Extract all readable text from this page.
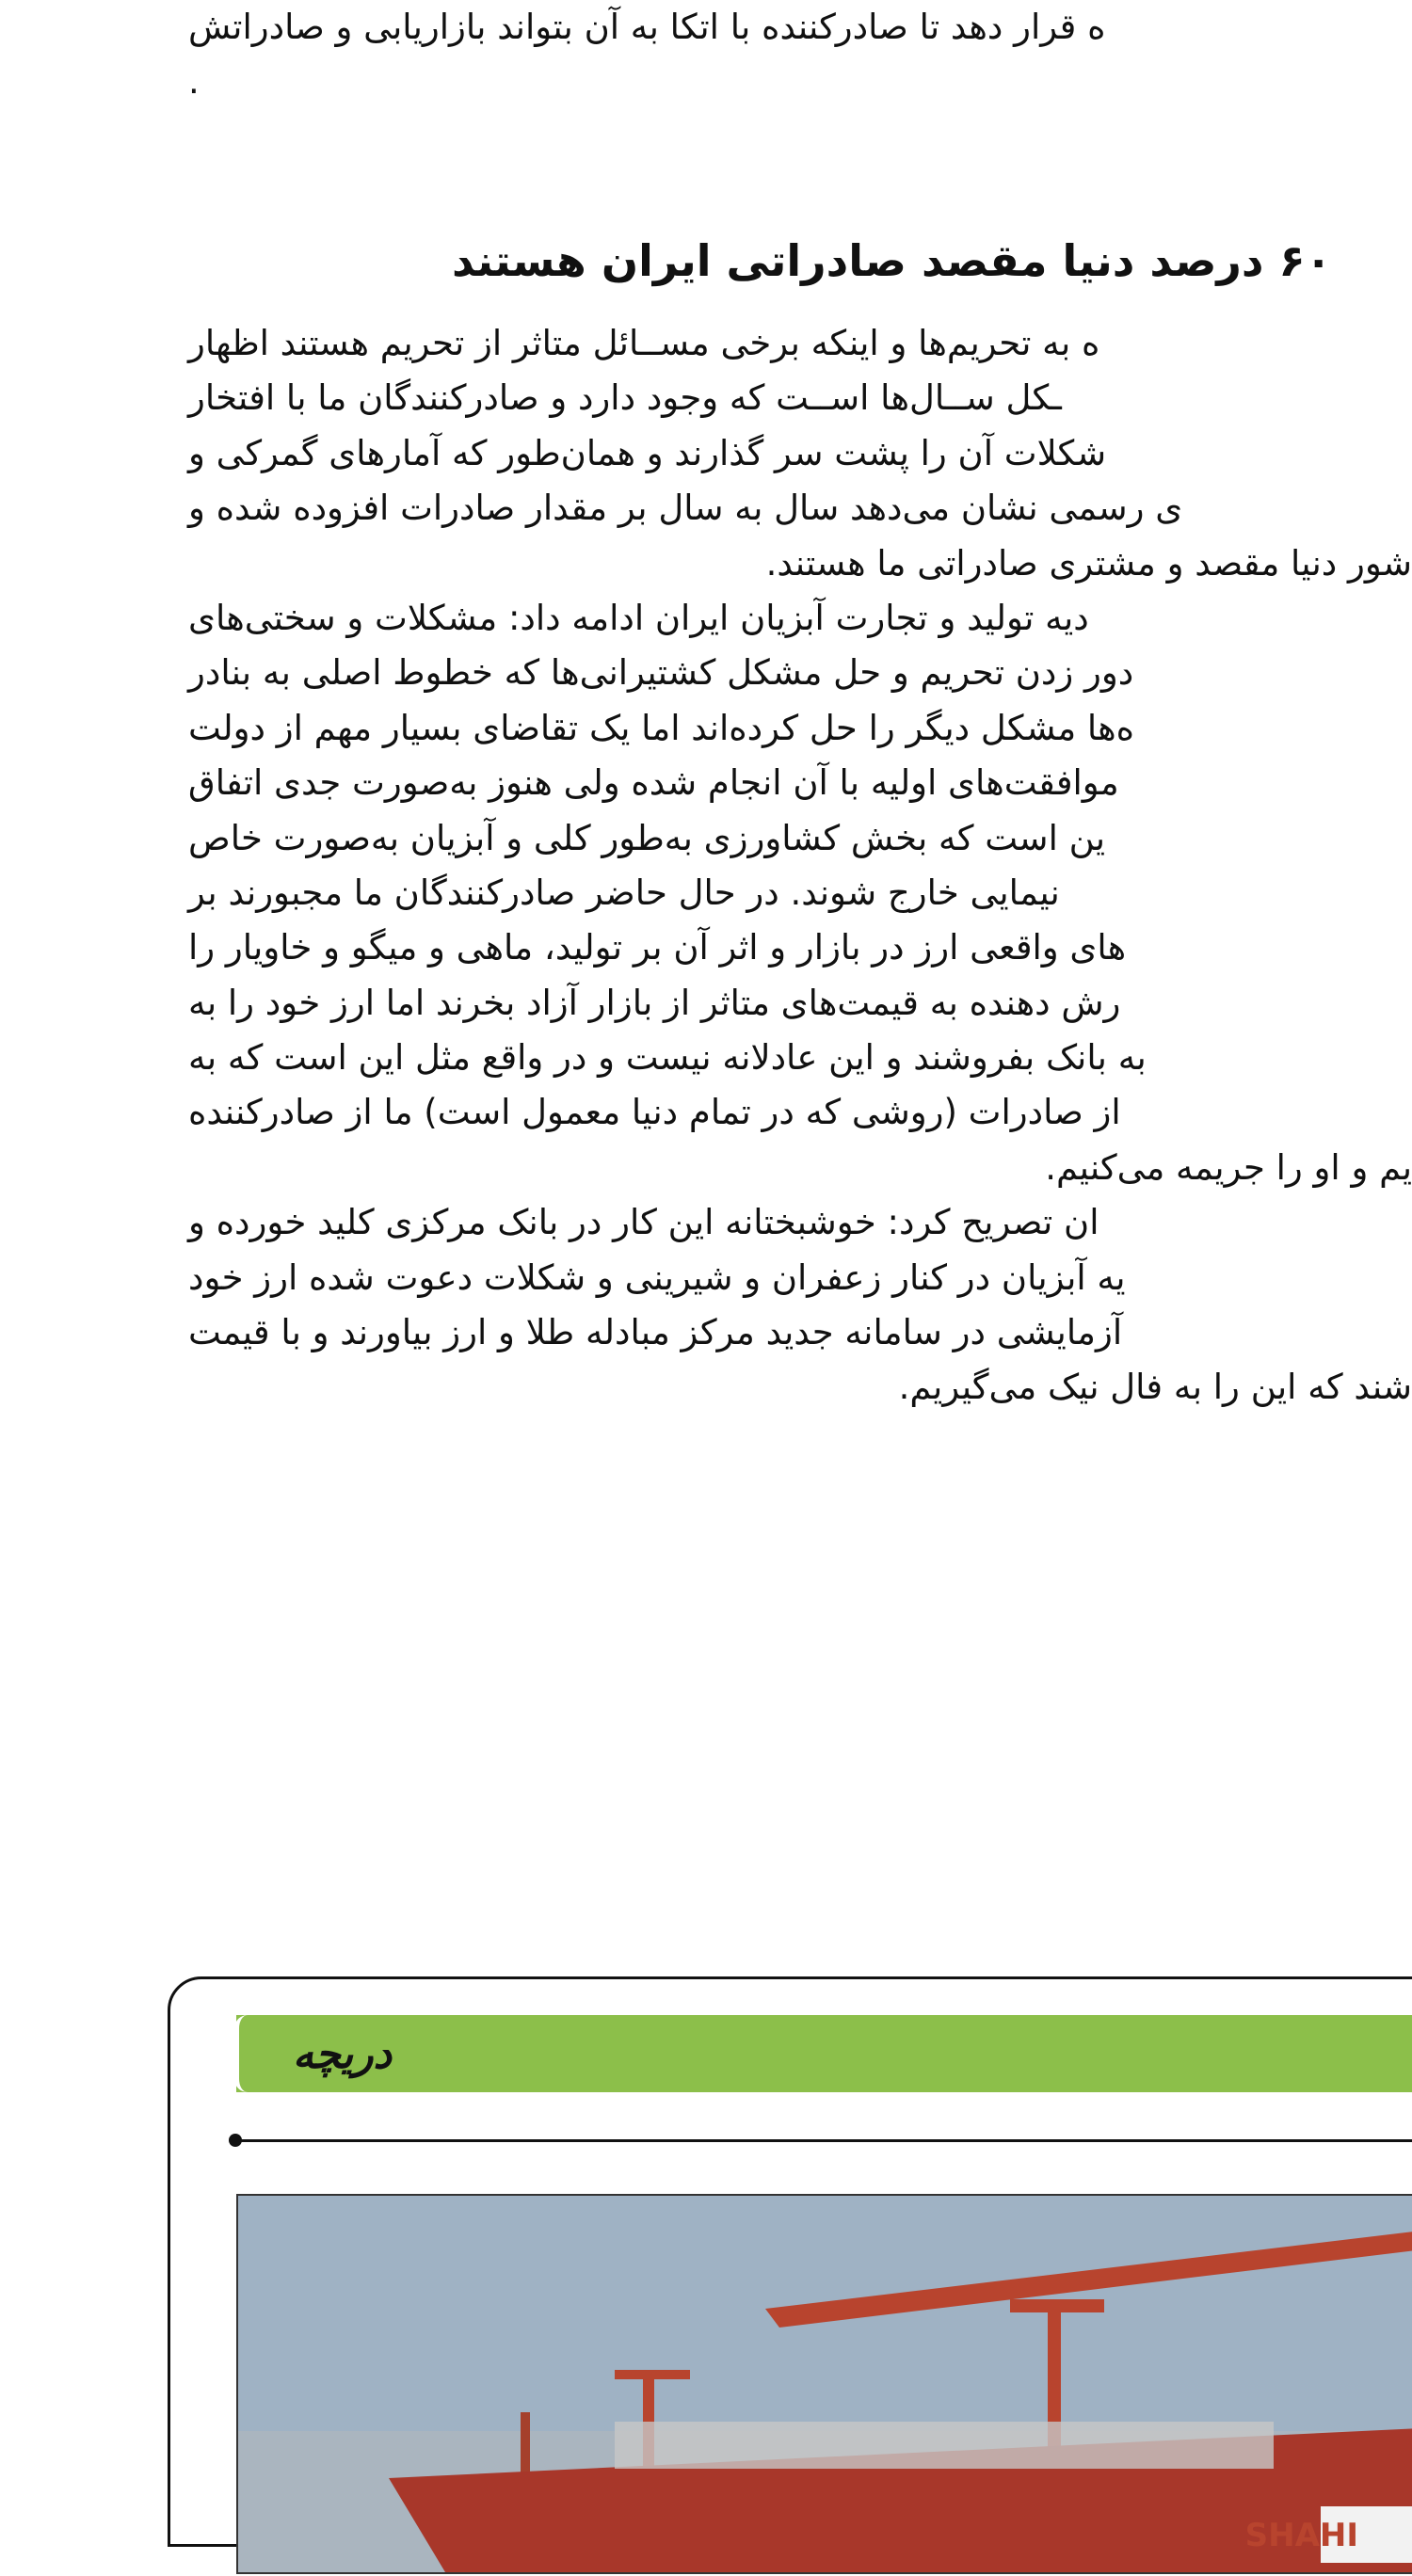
ه قرار دهد تا صادرکننده با اتکا به آن بتواند بازاریابی و صادراتش
.
۶۰ درصد دنیا مقصد صادراتی ایران هستند
ه به تحریم‌ها و اینکه برخی مســائل متاثر از تحریم هستند اظهار
ـکل ســال‌ها اســت که وجود دارد و صادرکنندگان ما با افتخار
شکلات آن را پشت سر گذارند و همان‌طور که آمارهای گمرکی و
ی رسمی نشان می‌دهد سال به سال بر مقدار صادرات افزوده شده و
شور دنیا مقصد و مشتری صادراتی ما هستند.
دیه تولید و تجارت آبزیان ایران ادامه داد: مشکلات و سختی‌های
دور زدن تحریم و حل مشکل کشتیرانی‌ها که خطوط اصلی به بنادر
ه‌ها مشکل دیگر را حل کرده‌اند اما یک تقاضای بسیار مهم از دولت
موافقت‌های اولیه با آن انجام شده ولی هنوز به‌صورت جدی اتفاق
ین است که بخش کشاورزی به‌طور کلی و آبزیان به‌صورت خاص
نیمایی خارج شوند. در حال حاضر صادرکنندگان ما مجبورند بر
های واقعی ارز در بازار و اثر آن بر تولید، ماهی و میگو و خاویار را
رش دهنده به قیمت‌های متاثر از بازار آزاد بخرند اما ارز خود را به
به بانک بفروشند و این عادلانه نیست و در واقع مثل این است که به
از صادرات (روشی که در تمام دنیا معمول است) ما از صادرکننده
یم و او را جریمه می‌کنیم.
ان تصریح کرد: خوشبختانه این کار در بانک مرکزی کلید خورده و
یه آبزیان در کنار زعفران و شیرینی و شکلات دعوت شده ارز خود
آزمایشی در سامانه جدید مرکز مبادله طلا و ارز بیاورند و با قیمت
شند که این را به فال نیک می‌گیریم.
دریچه
SHAHI
